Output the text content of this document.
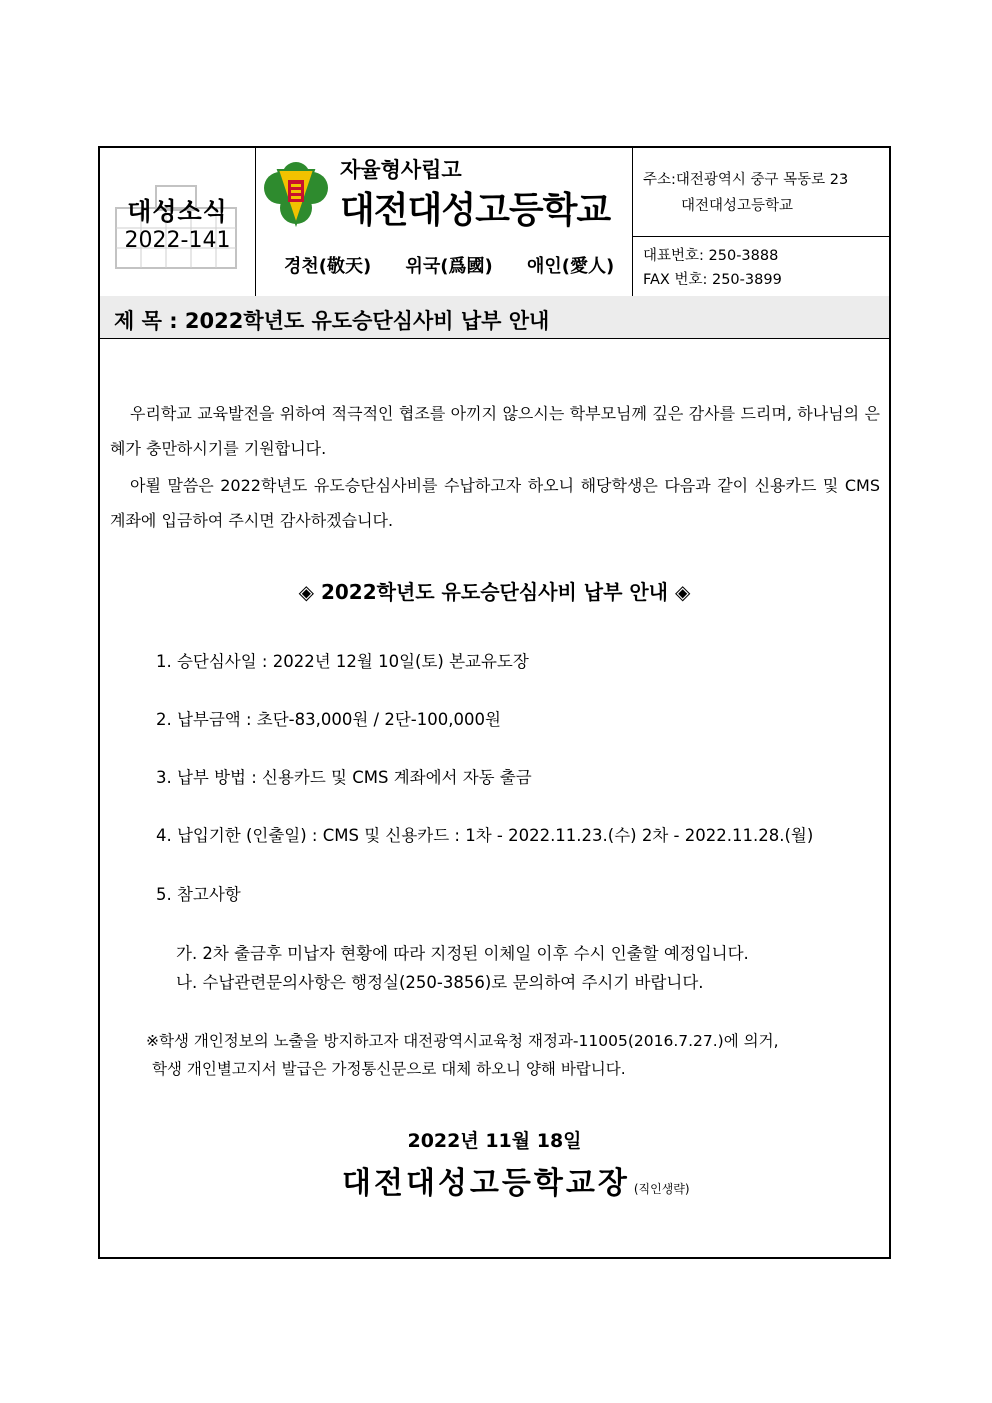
대성소식
2022-141
자율형사립고
대전대성고등학교
경천(敬天) 위국(爲國) 애인(愛人)
주소:대전광역시 중구 목동로 23
대전대성고등학교
대표번호: 250-3888
FAX 번호: 250-3899
제 목 : 2022학년도 유도승단심사비 납부 안내
우리학교 교육발전을 위하여 적극적인 협조를 아끼지 않으시는 학부모님께 깊은 감사를 드리며, 하나님의 은혜가 충만하시기를 기원합니다.
아뢸 말씀은 2022학년도 유도승단심사비를 수납하고자 하오니 해당학생은 다음과 같이 신용카드 및 CMS계좌에 입금하여 주시면 감사하겠습니다.
◈ 2022학년도 유도승단심사비 납부 안내 ◈
1. 승단심사일 : 2022년 12월 10일(토) 본교유도장
2. 납부금액 : 초단-83,000원 / 2단-100,000원
3. 납부 방법 : 신용카드 및 CMS 계좌에서 자동 출금
4. 납입기한 (인출일) : CMS 및 신용카드 : 1차 - 2022.11.23.(수) 2차 - 2022.11.28.(월)
5. 참고사항
가. 2차 출금후 미납자 현황에 따라 지정된 이체일 이후 수시 인출할 예정입니다.
나. 수납관련문의사항은 행정실(250-3856)로 문의하여 주시기 바랍니다.
※학생 개인정보의 노출을 방지하고자 대전광역시교육청 재정과-11005(2016.7.27.)에 의거,
학생 개인별고지서 발급은 가정통신문으로 대체 하오니 양해 바랍니다.
2022년 11월 18일
대전대성고등학교장 (직인생략)
